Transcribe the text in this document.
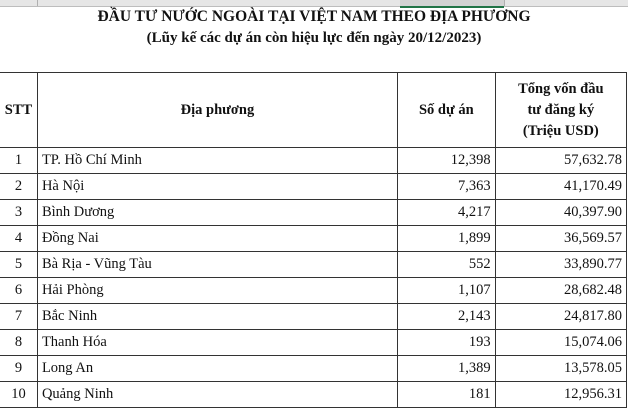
ĐẦU TƯ NƯỚC NGOÀI TẠI VIỆT NAM THEO ĐỊA PHƯƠNG
(Lũy kế các dự án còn hiệu lực đến ngày 20/12/2023)
STT	Địa phương	Số dự án	Tổng vốn đầu
tư đăng ký
(Triệu USD)

1	TP. Hồ Chí Minh	12,398	57,632.78
2	Hà Nội	7,363	41,170.49
3	Bình Dương	4,217	40,397.90
4	Đồng Nai	1,899	36,569.57
5	Bà Rịa - Vũng Tàu	552	33,890.77
6	Hải Phòng	1,107	28,682.48
7	Bắc Ninh	2,143	24,817.80
8	Thanh Hóa	193	15,074.06
9	Long An	1,389	13,578.05
10	Quảng Ninh	181	12,956.31
